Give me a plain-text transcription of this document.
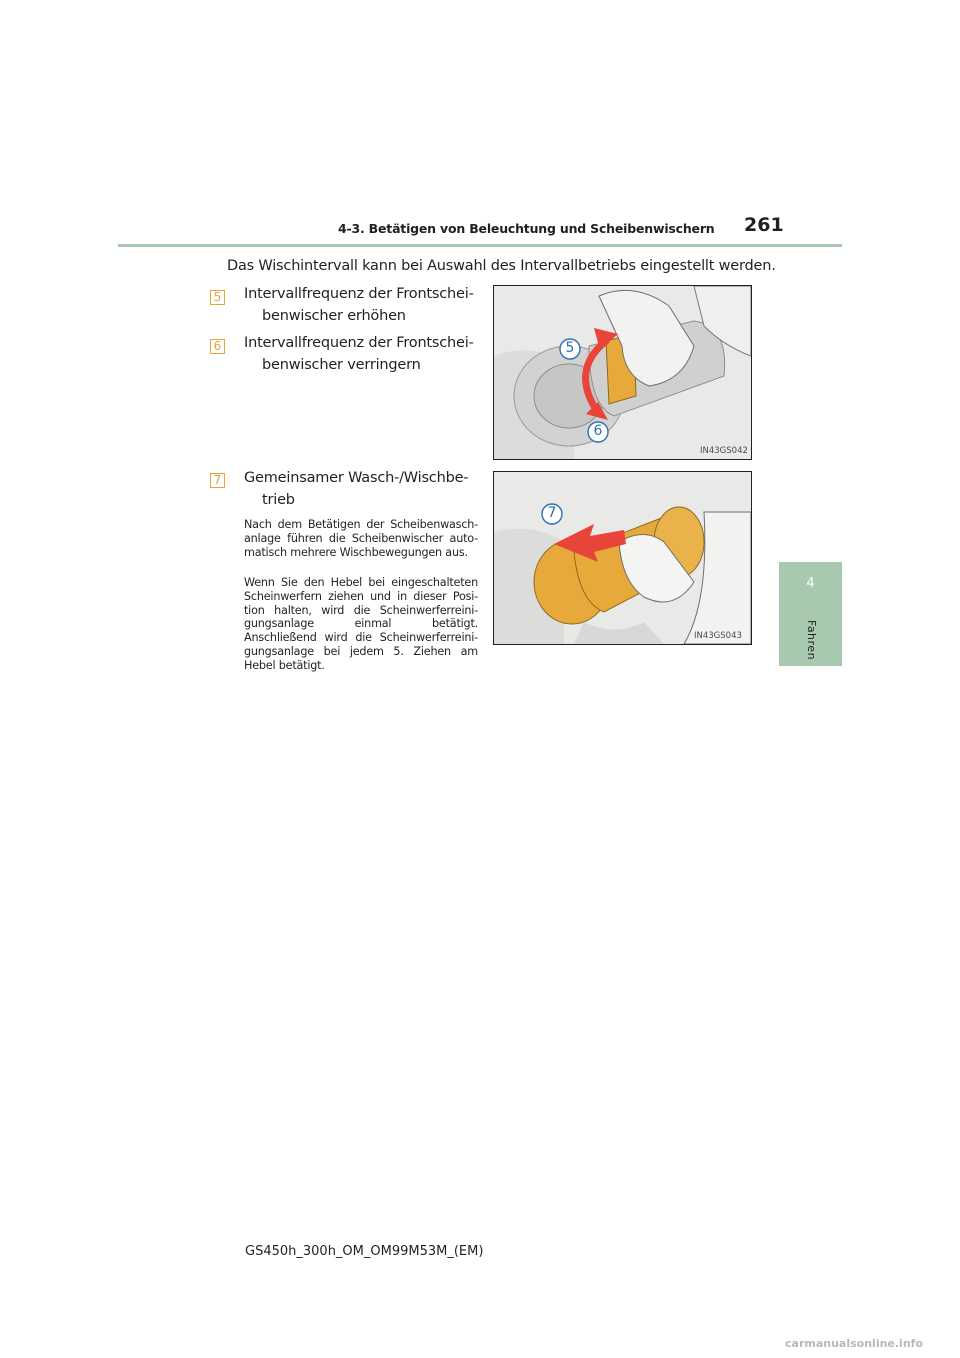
4-3. Betätigen von Beleuchtung und Scheibenwischern 261
4
Fahren
Das Wischintervall kann bei Auswahl des Intervallbetriebs eingestellt werden.
5 Intervallfrequenz der Frontschei-
benwischer erhöhen
6 Intervallfrequenz der Frontschei-
benwischer verringern
7 Gemeinsamer Wasch-/Wischbe-
trieb
Nach dem Betätigen der Scheibenwasch- anlage führen die Scheibenwischer auto- matisch mehrere Wischbewegungen aus.
Wenn Sie den Hebel bei eingeschalteten Scheinwerfern ziehen und in dieser Posi- tion halten, wird die Scheinwerferreini- gungsanlage einmal betätigt. Anschließend wird die Scheinwerferreini- gungsanlage bei jedem 5. Ziehen am Hebel betätigt.
5
6
IN43GS042
7
IN43GS043
GS450h_300h_OM_OM99M53M_(EM)
carmanualsonline.info
